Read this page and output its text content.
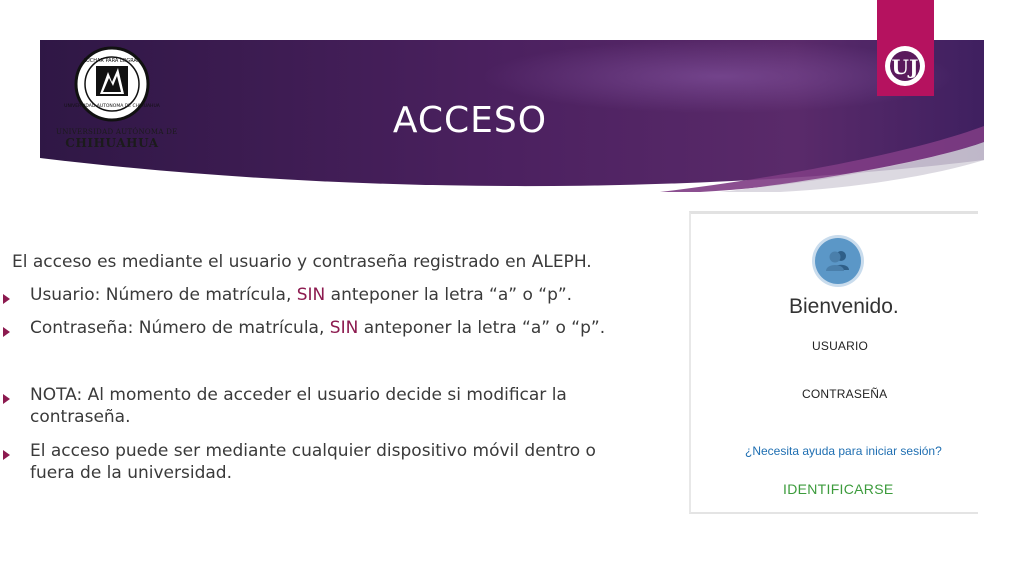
LUCHAR PARA LOGRAR
UNIVERSIDAD AUTONOMA DE CHIHUAHUA
UNIVERSIDAD AUTÓNOMA DE
CHIHUAHUA
ACCESO
UJ
El acceso es mediante el usuario y contraseña registrado en ALEPH.
Usuario: Número de matrícula, SIN anteponer la letra “a” o “p”.
Contraseña: Número de matrícula, SIN anteponer la letra “a” o “p”.
NOTA: Al momento de acceder el usuario decide si modificar la
contraseña.
El acceso puede ser mediante cualquier dispositivo móvil dentro o
fuera de la universidad.
Bienvenido.
USUARIO
CONTRASEÑA
¿Necesita ayuda para iniciar sesión?
IDENTIFICARSE
